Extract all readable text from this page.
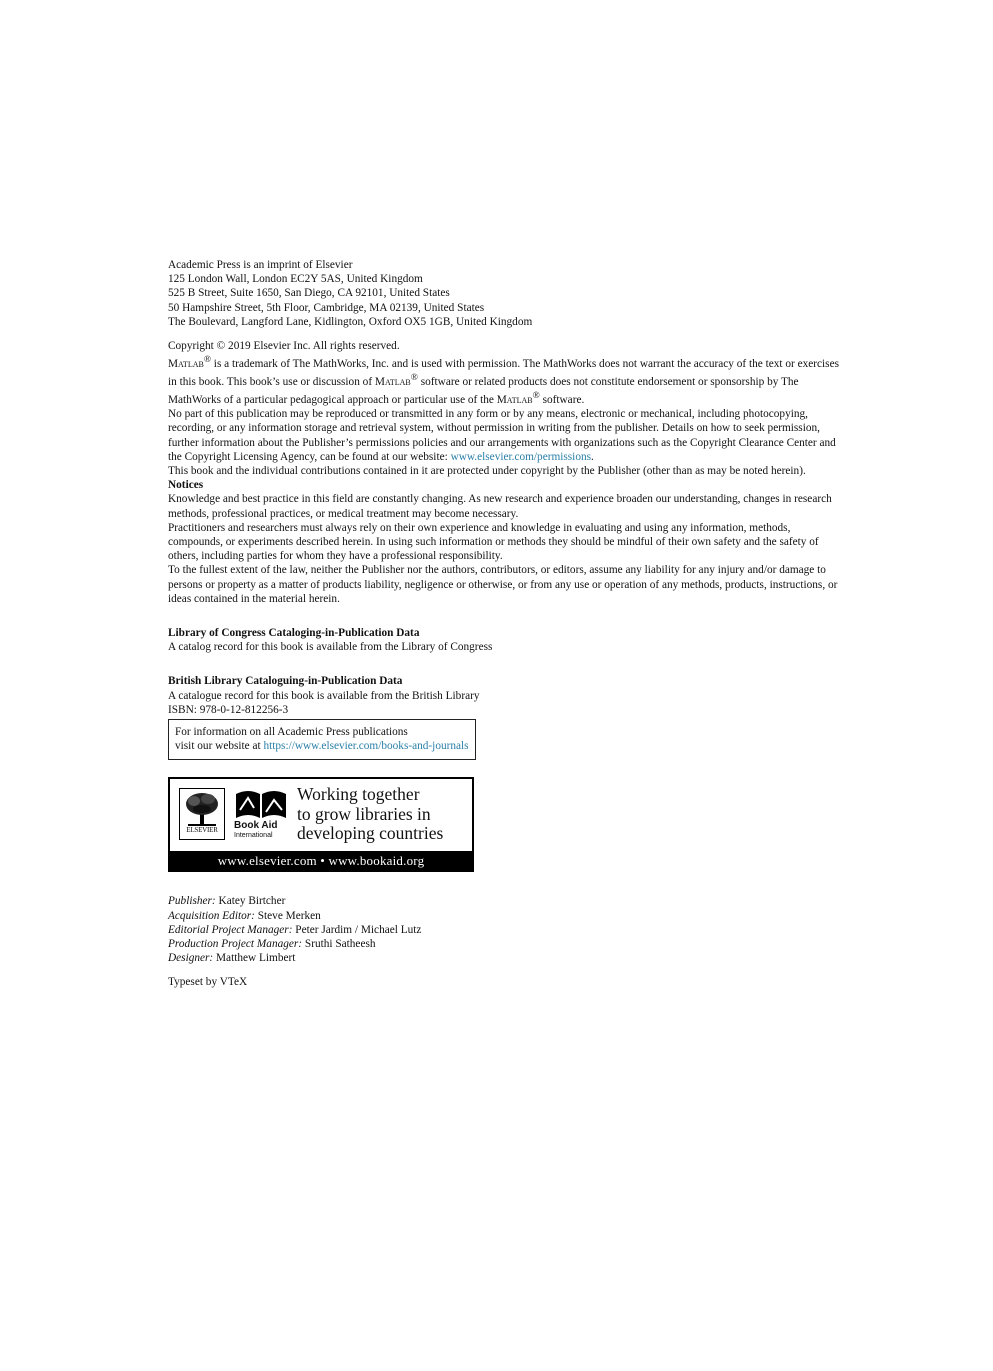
Academic Press is an imprint of Elsevier

125 London Wall, London EC2Y 5AS, United Kingdom

525 B Street, Suite 1650, San Diego, CA 92101, United States

50 Hampshire Street, 5th Floor, Cambridge, MA 02139, United States

The Boulevard, Langford Lane, Kidlington, Oxford OX5 1GB, United Kingdom

Copyright © 2019 Elsevier Inc. All rights reserved.

Matlab® is a trademark of The MathWorks, Inc. and is used with permission. The MathWorks does not warrant the accuracy of the text or exercises in this book. This book’s use or discussion of Matlab® software or related products does not constitute endorsement or sponsorship by The MathWorks of a particular pedagogical approach or particular use of the Matlab® software.

No part of this publication may be reproduced or transmitted in any form or by any means, electronic or mechanical, including photocopying, recording, or any information storage and retrieval system, without permission in writing from the publisher. Details on how to seek permission, further information about the Publisher’s permissions policies and our arrangements with organizations such as the Copyright Clearance Center and the Copyright Licensing Agency, can be found at our website: www.elsevier.com/permissions.

This book and the individual contributions contained in it are protected under copyright by the Publisher (other than as may be noted herein).

Notices

Knowledge and best practice in this field are constantly changing. As new research and experience broaden our understanding, changes in research methods, professional practices, or medical treatment may become necessary.

Practitioners and researchers must always rely on their own experience and knowledge in evaluating and using any information, methods, compounds, or experiments described herein. In using such information or methods they should be mindful of their own safety and the safety of others, including parties for whom they have a professional responsibility.

To the fullest extent of the law, neither the Publisher nor the authors, contributors, or editors, assume any liability for any injury and/or damage to persons or property as a matter of products liability, negligence or otherwise, or from any use or operation of any methods, products, instructions, or ideas contained in the material herein.

Library of Congress Cataloging-in-Publication Data

A catalog record for this book is available from the Library of Congress

British Library Cataloguing-in-Publication Data

A catalogue record for this book is available from the British Library

ISBN: 978-0-12-812256-3

For information on all Academic Press publications

visit our website at https://www.elsevier.com/books-and-journals

ELSEVIER	Book Aid
International
Working together
to grow libraries in
developing countries
www.elsevier.com • www.bookaid.org

Publisher: Katey Birtcher

Acquisition Editor: Steve Merken

Editorial Project Manager: Peter Jardim / Michael Lutz

Production Project Manager: Sruthi Satheesh

Designer: Matthew Limbert

Typeset by VTeX
